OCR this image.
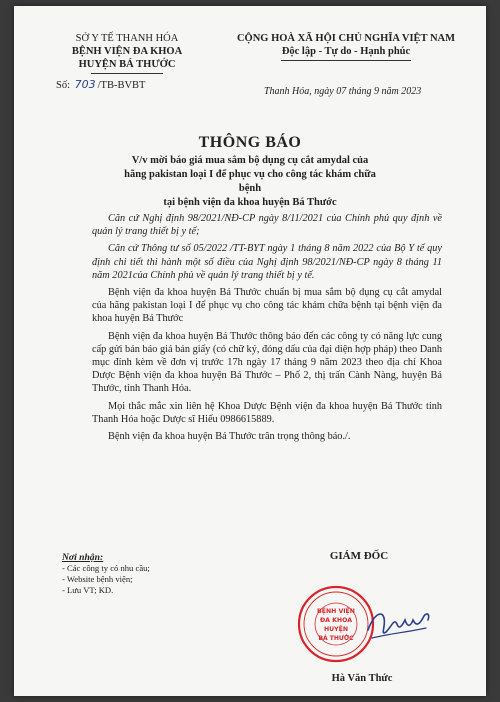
SỞ Y TẾ THANH HÓA
BỆNH VIỆN ĐA KHOA
HUYỆN BÁ THƯỚC
Số: 703 /TB-BVBT
CỘNG HOÀ XÃ HỘI CHỦ NGHĨA VIỆT NAM
Độc lập - Tự do - Hạnh phúc
Thanh Hóa, ngày 07 tháng 9 năm 2023
THÔNG BÁO
V/v mời báo giá mua sắm bộ dụng cụ cắt amydal của
hãng pakistan loại I để phục vụ cho công tác khám chữa bệnh
tại bệnh viện đa khoa huyện Bá Thước

Căn cứ Nghị định 98/2021/NĐ-CP ngày 8/11/2021 của Chính phủ quy định về quản lý trang thiết bị y tế;

Căn cứ Thông tư số 05/2022 /TT-BYT ngày 1 tháng 8 năm 2022 của Bộ Y tế quy định chi tiết thi hành một số điều của Nghị định 98/2021/NĐ-CP ngày 8 tháng 11 năm 2021của Chính phủ về quản lý trang thiết bị y tế.

Bệnh viện đa khoa huyện Bá Thước chuẩn bị mua sắm bộ dụng cụ cắt amydal của hãng pakistan loại I để phục vụ cho công tác khám chữa bệnh tại bệnh viện đa khoa huyện Bá Thước

Bệnh viện đa khoa huyện Bá Thước thông báo đến các công ty có năng lực cung cấp gửi bản báo giá bản giấy (có chữ ký, đóng dấu của đại diện hợp pháp) theo Danh mục đính kèm về đơn vị trước 17h ngày 17 tháng 9 năm 2023 theo địa chỉ Khoa Dược Bệnh viện đa khoa huyện Bá Thước – Phố 2, thị trấn Cành Nàng, huyện Bá Thước, tỉnh Thanh Hóa.

Mọi thắc mắc xin liên hệ Khoa Dược Bệnh viện đa khoa huyện Bá Thước tỉnh Thanh Hóa hoặc Dược sĩ Hiếu 0986615889.

Bệnh viện đa khoa huyện Bá Thước trân trọng thông báo./.

Nơi nhận:
- Các công ty có nhu cầu;
- Website bệnh viện;
- Lưu VT; KD.
GIÁM ĐỐC
BỆNH VIỆN
ĐA KHOA
HUYỆN
BÁ THƯỚC
Hà Văn Thức
